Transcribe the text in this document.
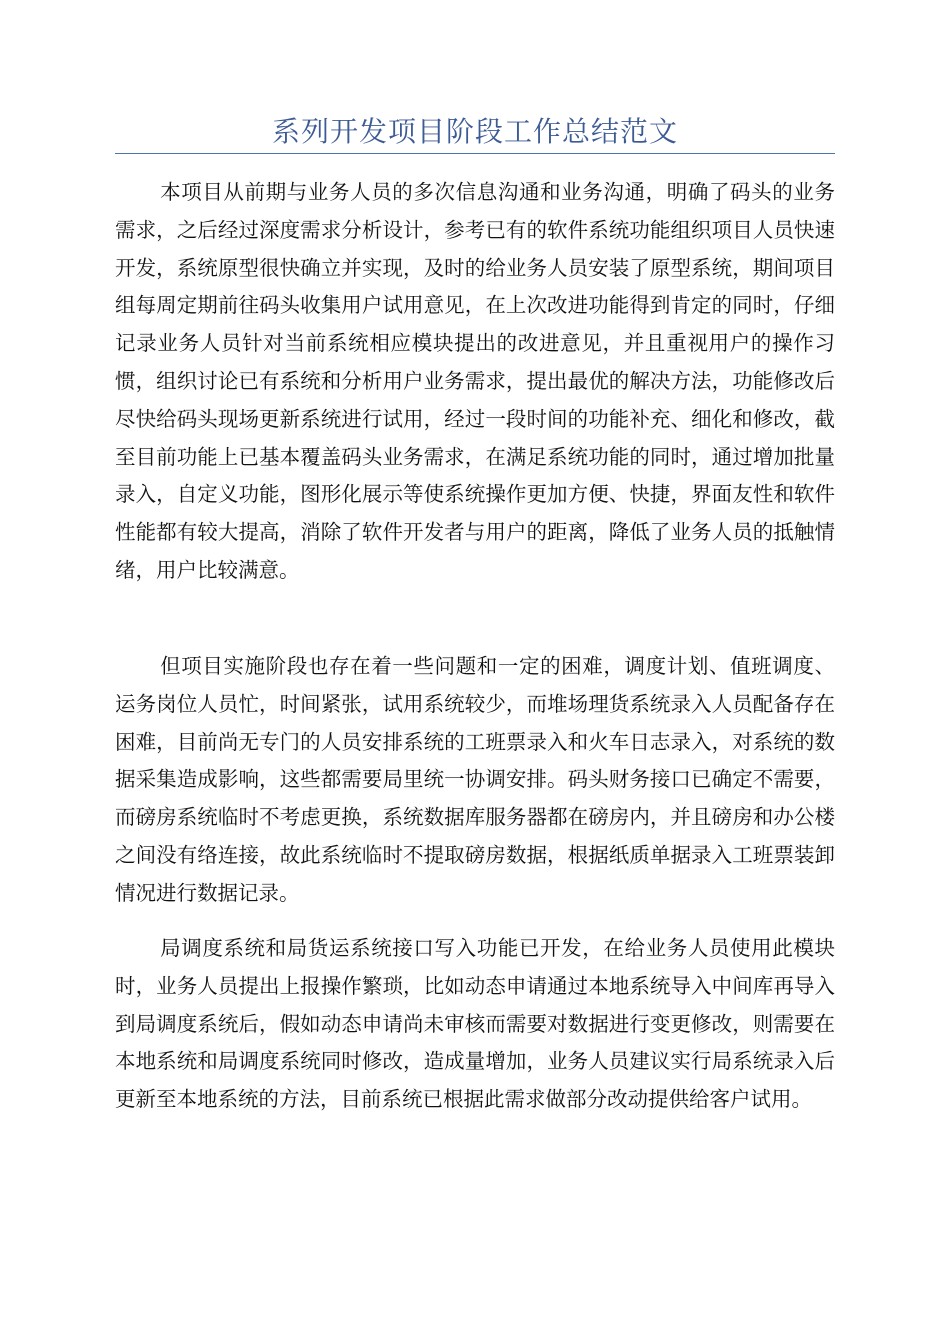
系列开发项目阶段工作总结范文

本项目从前期与业务人员的多次信息沟通和业务沟通，明确了码头的业务需求，之后经过深度需求分析设计，参考已有的软件系统功能组织项目人员快速开发，系统原型很快确立并实现，及时的给业务人员安装了原型系统，期间项目组每周定期前往码头收集用户试用意见，在上次改进功能得到肯定的同时，仔细记录业务人员针对当前系统相应模块提出的改进意见，并且重视用户的操作习惯，组织讨论已有系统和分析用户业务需求，提出最优的解决方法，功能修改后尽快给码头现场更新系统进行试用，经过一段时间的功能补充、细化和修改，截至目前功能上已基本覆盖码头业务需求，在满足系统功能的同时，通过增加批量录入，自定义功能，图形化展示等使系统操作更加方便、快捷，界面友性和软件性能都有较大提高，消除了软件开发者与用户的距离，降低了业务人员的抵触情绪，用户比较满意。

但项目实施阶段也存在着一些问题和一定的困难，调度计划、值班调度、运务岗位人员忙，时间紧张，试用系统较少，而堆场理货系统录入人员配备存在困难，目前尚无专门的人员安排系统的工班票录入和火车日志录入，对系统的数据采集造成影响，这些都需要局里统一协调安排。码头财务接口已确定不需要，而磅房系统临时不考虑更换，系统数据库服务器都在磅房内，并且磅房和办公楼之间没有络连接，故此系统临时不提取磅房数据，根据纸质单据录入工班票装卸情况进行数据记录。

局调度系统和局货运系统接口写入功能已开发，在给业务人员使用此模块时，业务人员提出上报操作繁琐，比如动态申请通过本地系统导入中间库再导入到局调度系统后，假如动态申请尚未审核而需要对数据进行变更修改，则需要在本地系统和局调度系统同时修改，造成量增加，业务人员建议实行局系统录入后更新至本地系统的方法，目前系统已根据此需求做部分改动提供给客户试用。
